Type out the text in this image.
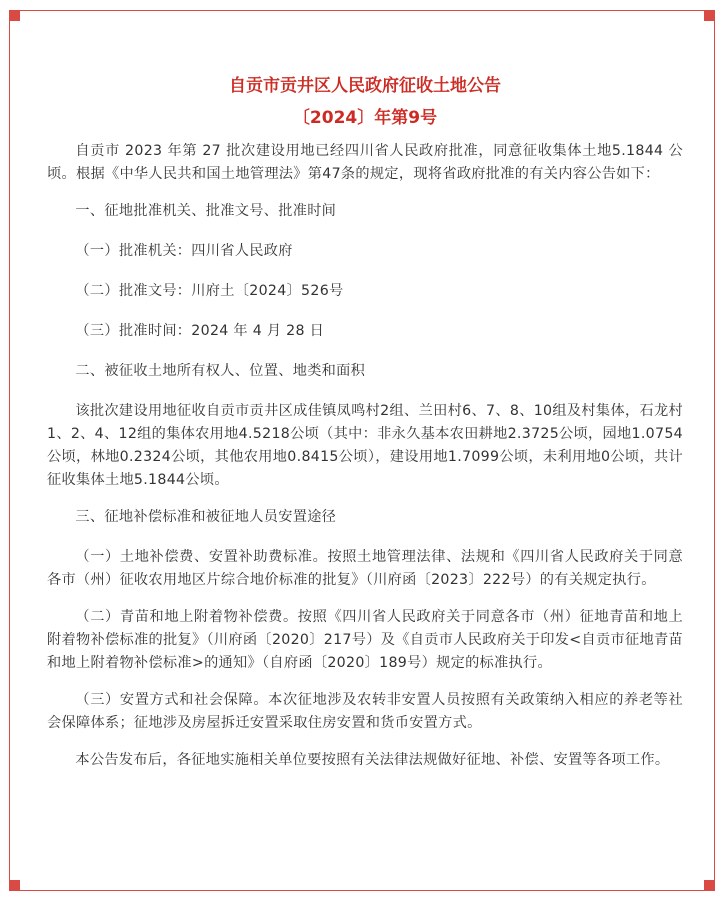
自贡市贡井区人民政府征收土地公告

〔2024〕年第9号

自贡市 2023 年第 27 批次建设用地已经四川省人民政府批准，同意征收集体土地5.1844 公顷。根据《中华人民共和国土地管理法》第47条的规定，现将省政府批准的有关内容公告如下：

一、征地批准机关、批准文号、批准时间

（一）批准机关：四川省人民政府

（二）批准文号：川府土〔2024〕526号

（三）批准时间：2024 年 4 月 28 日

二、被征收土地所有权人、位置、地类和面积

该批次建设用地征收自贡市贡井区成佳镇凤鸣村2组、兰田村6、7、8、10组及村集体，石龙村1、2、4、12组的集体农用地4.5218公顷（其中：非永久基本农田耕地2.3725公顷，园地1.0754公顷，林地0.2324公顷，其他农用地0.8415公顷），建设用地1.7099公顷，未利用地0公顷，共计征收集体土地5.1844公顷。

三、征地补偿标准和被征地人员安置途径

（一）土地补偿费、安置补助费标准。按照土地管理法律、法规和《四川省人民政府关于同意各市（州）征收农用地区片综合地价标准的批复》（川府函〔2023〕222号）的有关规定执行。

（二）青苗和地上附着物补偿费。按照《四川省人民政府关于同意各市（州）征地青苗和地上附着物补偿标准的批复》（川府函〔2020〕217号）及《自贡市人民政府关于印发<自贡市征地青苗和地上附着物补偿标准>的通知》（自府函〔2020〕189号）规定的标准执行。

（三）安置方式和社会保障。本次征地涉及农转非安置人员按照有关政策纳入相应的养老等社会保障体系；征地涉及房屋拆迁安置采取住房安置和货币安置方式。

本公告发布后，各征地实施相关单位要按照有关法律法规做好征地、补偿、安置等各项工作。
